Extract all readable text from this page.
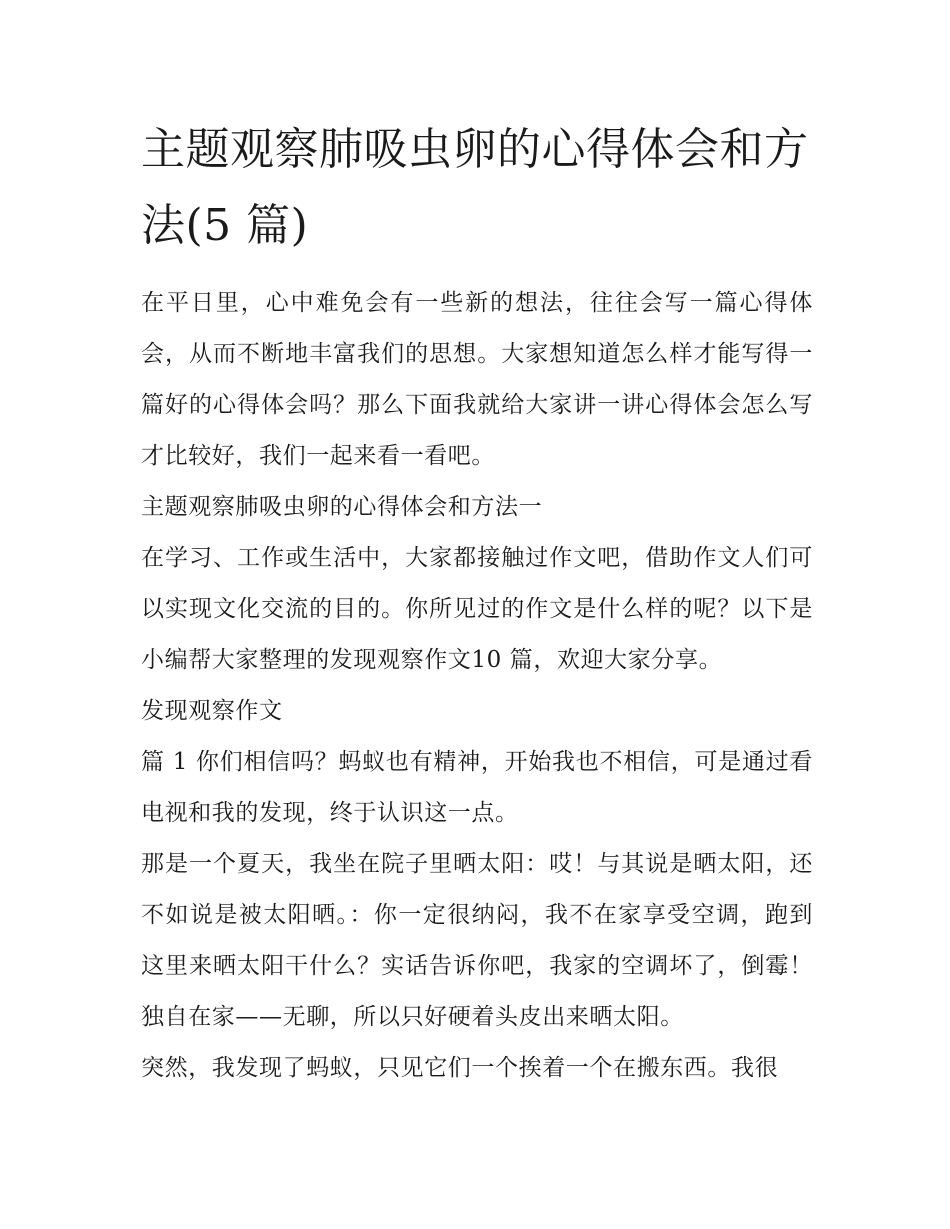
主题观察肺吸虫卵的心得体会和方法(5 篇)

在平日里，心中难免会有一些新的想法，往往会写一篇心得体会，从而不断地丰富我们的思想。大家想知道怎么样才能写得一篇好的心得体会吗？那么下面我就给大家讲一讲心得体会怎么写才比较好，我们一起来看一看吧。

主题观察肺吸虫卵的心得体会和方法一

在学习、工作或生活中，大家都接触过作文吧，借助作文人们可以实现文化交流的目的。你所见过的作文是什么样的呢？以下是小编帮大家整理的发现观察作文10 篇，欢迎大家分享。

发现观察作文

篇 1 你们相信吗？蚂蚁也有精神，开始我也不相信，可是通过看电视和我的发现，终于认识这一点。

那是一个夏天，我坐在院子里晒太阳：哎！与其说是晒太阳，还不如说是被太阳晒。：你一定很纳闷，我不在家享受空调，跑到这里来晒太阳干什么？实话告诉你吧，我家的空调坏了，倒霉！独自在家——无聊，所以只好硬着头皮出来晒太阳。

突然，我发现了蚂蚁，只见它们一个挨着一个在搬东西。我很
